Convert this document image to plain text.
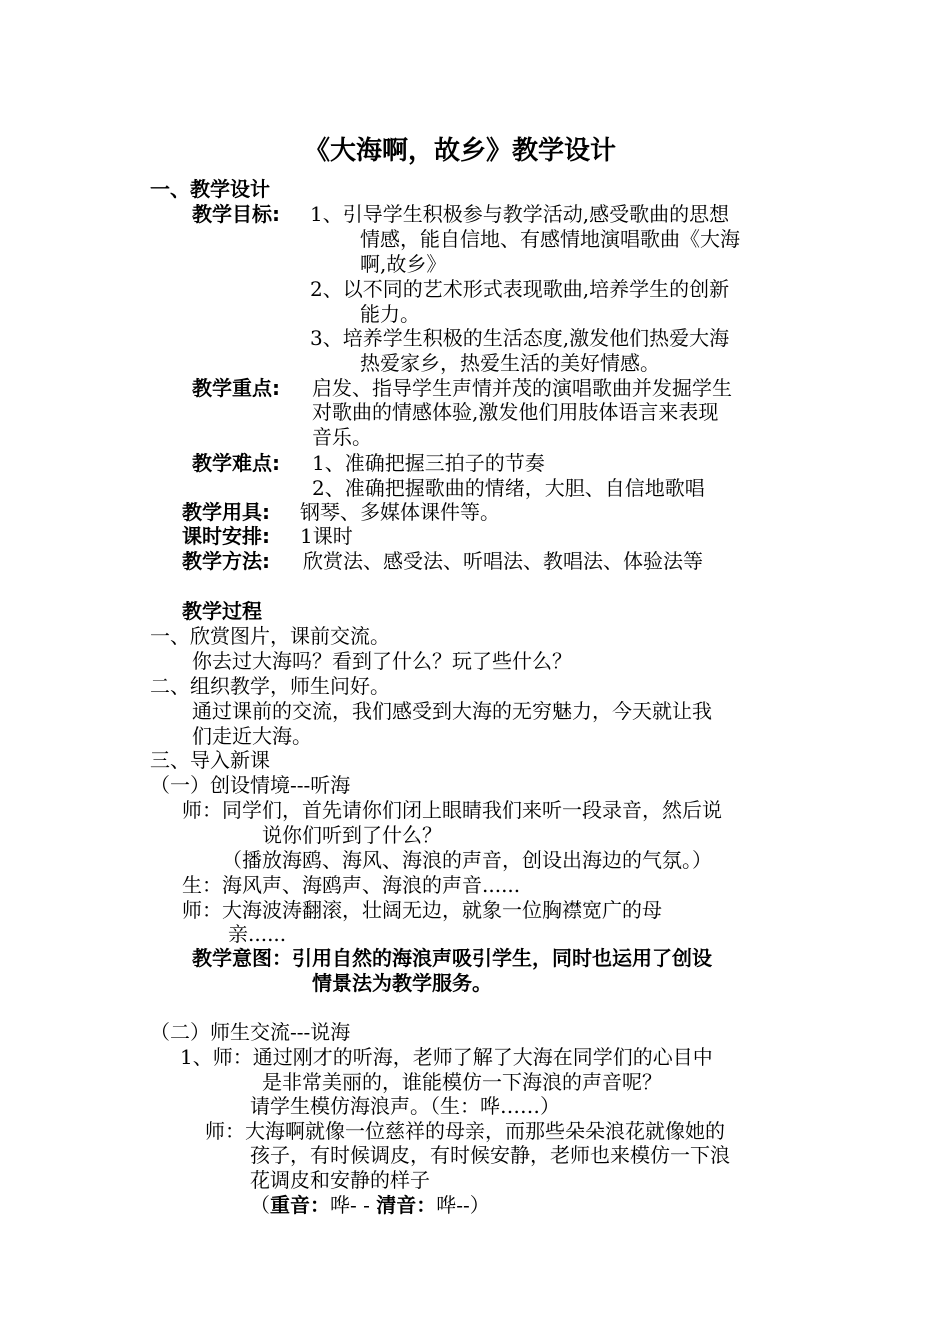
《大海啊，故乡》教学设计
一、教学设计
教学目标: 1、引导学生积极参与教学活动,感受歌曲的思想
情感，能自信地、有感情地演唱歌曲《大海
啊,故乡》
2、以不同的艺术形式表现歌曲,培养学生的创新
能力。
3、培养学生积极的生活态度,激发他们热爱大海
热爱家乡，热爱生活的美好情感。
教学重点: 启发、指导学生声情并茂的演唱歌曲并发掘学生
对歌曲的情感体验,激发他们用肢体语言来表现
音乐。
教学难点: 1、准确把握三拍子的节奏
2、准确把握歌曲的情绪，大胆、自信地歌唱
教学用具: 钢琴、多媒体课件等。
课时安排: 1课时
教学方法: 欣赏法、感受法、听唱法、教唱法、体验法等
教学过程
一、欣赏图片，课前交流。
你去过大海吗？看到了什么？玩了些什么？
二、组织教学，师生问好。
通过课前的交流，我们感受到大海的无穷魅力，今天就让我
们走近大海。
三、导入新课
（一）创设情境---听海
师：同学们，首先请你们闭上眼睛我们来听一段录音，然后说
说你们听到了什么？
（播放海鸥、海风、海浪的声音，创设出海边的气氛。）
生：海风声、海鸥声、海浪的声音......
师：大海波涛翻滚，壮阔无边，就象一位胸襟宽广的母
亲......
教学意图：引用自然的海浪声吸引学生，同时也运用了创设
情景法为教学服务。
（二）师生交流---说海
1、师：通过刚才的听海，老师了解了大海在同学们的心目中
是非常美丽的，谁能模仿一下海浪的声音呢？
请学生模仿海浪声。（生：哗……）
师：大海啊就像一位慈祥的母亲，而那些朵朵浪花就像她的
孩子，有时候调皮，有时候安静，老师也来模仿一下浪
花调皮和安静的样子
（重音：哗- - 清音：哗--）
